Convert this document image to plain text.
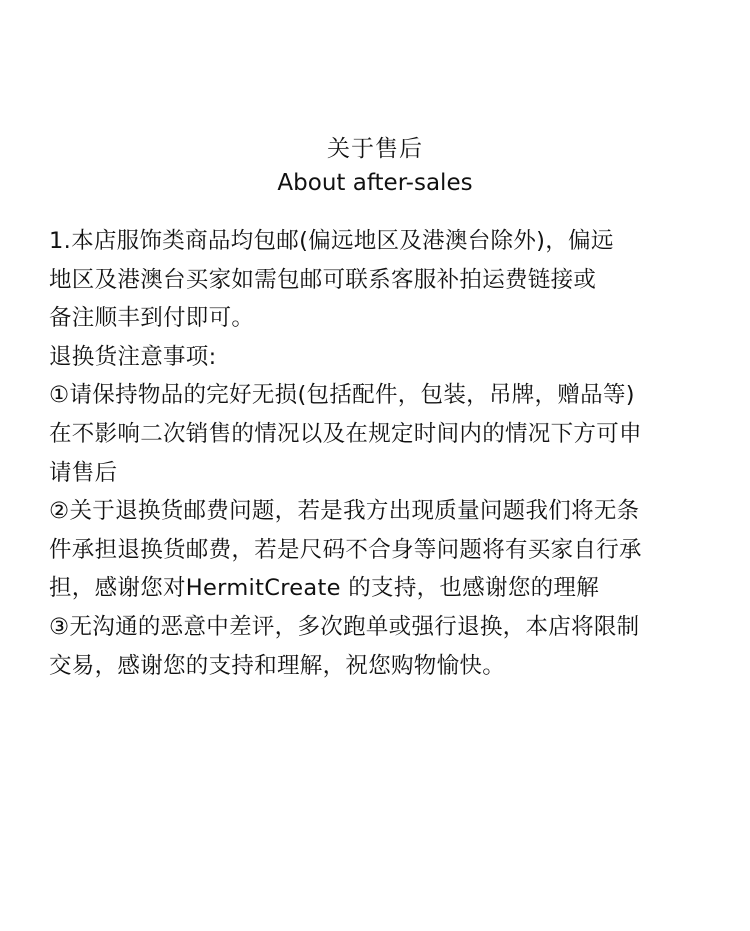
关于售后
About after-sales
1.本店服饰类商品均包邮(偏远地区及港澳台除外)，偏远
地区及港澳台买家如需包邮可联系客服补拍运费链接或
备注顺丰到付即可。
退换货注意事项:
①请保持物品的完好无损(包括配件，包装，吊牌，赠品等)
在不影响二次销售的情况以及在规定时间内的情况下方可申
请售后
②关于退换货邮费问题，若是我方出现质量问题我们将无条
件承担退换货邮费，若是尺码不合身等问题将有买家自行承
担，感谢您对HermitCreate 的支持，也感谢您的理解
③无沟通的恶意中差评，多次跑单或强行退换，本店将限制
交易，感谢您的支持和理解，祝您购物愉快。
